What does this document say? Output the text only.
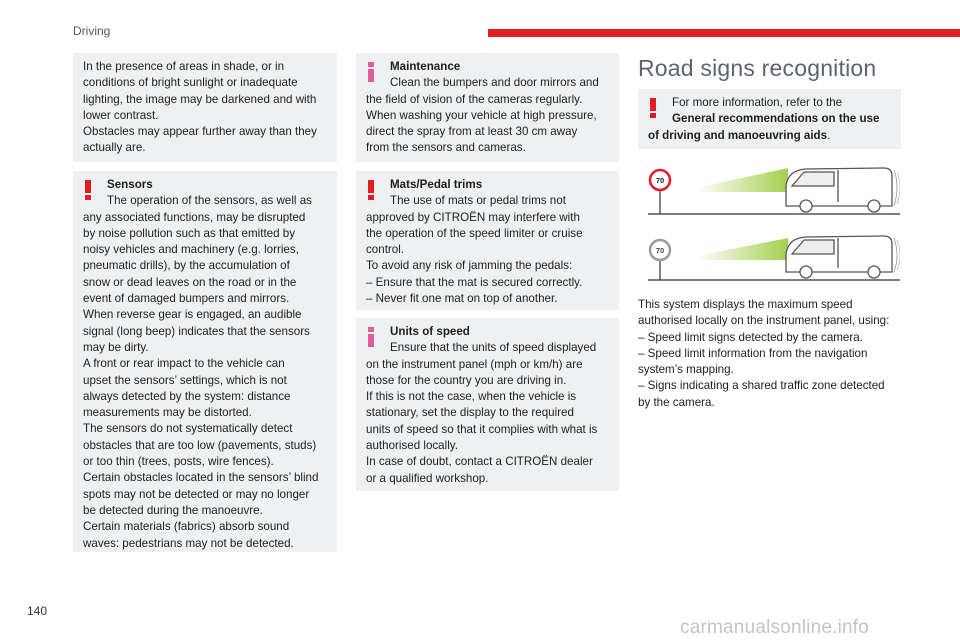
Driving
In the presence of areas in shade, or in
conditions of bright sunlight or inadequate
lighting, the image may be darkened and with
lower contrast.
Obstacles may appear further away than they
actually are.
Sensors
The operation of the sensors, as well as
any associated functions, may be disrupted
by noise pollution such as that emitted by
noisy vehicles and machinery (e.g. lorries,
pneumatic drills), by the accumulation of
snow or dead leaves on the road or in the
event of damaged bumpers and mirrors.
When reverse gear is engaged, an audible
signal (long beep) indicates that the sensors
may be dirty.
A front or rear impact to the vehicle can
upset the sensors’ settings, which is not
always detected by the system: distance
measurements may be distorted.
The sensors do not systematically detect
obstacles that are too low (pavements, studs)
or too thin (trees, posts, wire fences).
Certain obstacles located in the sensors’ blind
spots may not be detected or may no longer
be detected during the manoeuvre.
Certain materials (fabrics) absorb sound
waves: pedestrians may not be detected.
Maintenance
Clean the bumpers and door mirrors and
the field of vision of the cameras regularly.
When washing your vehicle at high pressure,
direct the spray from at least 30 cm away
from the sensors and cameras.
Mats/Pedal trims
The use of mats or pedal trims not
approved by CITROËN may interfere with
the operation of the speed limiter or cruise
control.
To avoid any risk of jamming the pedals:
– Ensure that the mat is secured correctly.
– Never fit one mat on top of another.
Units of speed
Ensure that the units of speed displayed
on the instrument panel (mph or km/h) are
those for the country you are driving in.
If this is not the case, when the vehicle is
stationary, set the display to the required
units of speed so that it complies with what is
authorised locally.
In case of doubt, contact a CITROËN dealer
or a qualified workshop.
Road signs recognition
For more information, refer to the
General recommendations on the use
of driving and manoeuvring aids.
70
70
This system displays the maximum speed
authorised locally on the instrument panel, using:
– Speed limit signs detected by the camera.
– Speed limit information from the navigation
system’s mapping.
– Signs indicating a shared traffic zone detected
by the camera.
140
carmanualsonline.info
